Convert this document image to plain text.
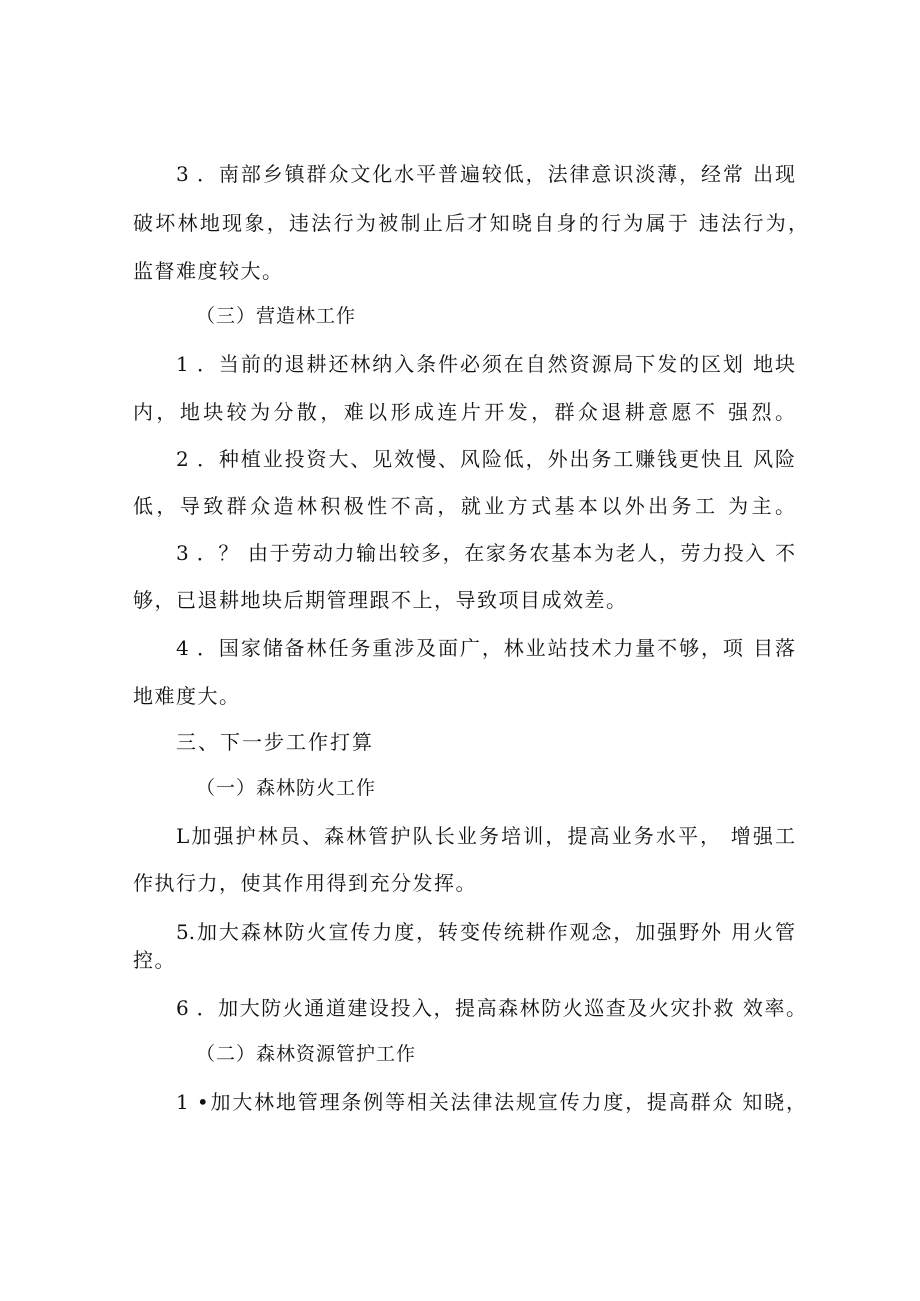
3 ．南部乡镇群众文化水平普遍较低，法律意识淡薄，经常 出现

破坏林地现象，违法行为被制止后才知晓自身的行为属于 违法行为，

监督难度较大。

（三）营造林工作

1 ．当前的退耕还林纳入条件必须在自然资源局下发的区划 地块

内，地块较为分散，难以形成连片开发，群众退耕意愿不 强烈。

2 ．种植业投资大、见效慢、风险低，外出务工赚钱更快且 风险

低，导致群众造林积极性不高，就业方式基本以外出务工 为主。

3 ．？ 由于劳动力输出较多，在家务农基本为老人，劳力投入 不

够，已退耕地块后期管理跟不上，导致项目成效差。

4 ．国家储备林任务重涉及面广，林业站技术力量不够，项 目落

地难度大。

三、下一步工作打算

（一）森林防火工作

L加强护林员、森林管护队长业务培训，提高业务水平， 增强工

作执行力，使其作用得到充分发挥。

5.加大森林防火宣传力度，转变传统耕作观念，加强野外 用火管

控。

6 ．加大防火通道建设投入，提高森林防火巡查及火灾扑救 效率。

（二）森林资源管护工作

1 •加大林地管理条例等相关法律法规宣传力度，提高群众 知晓，
